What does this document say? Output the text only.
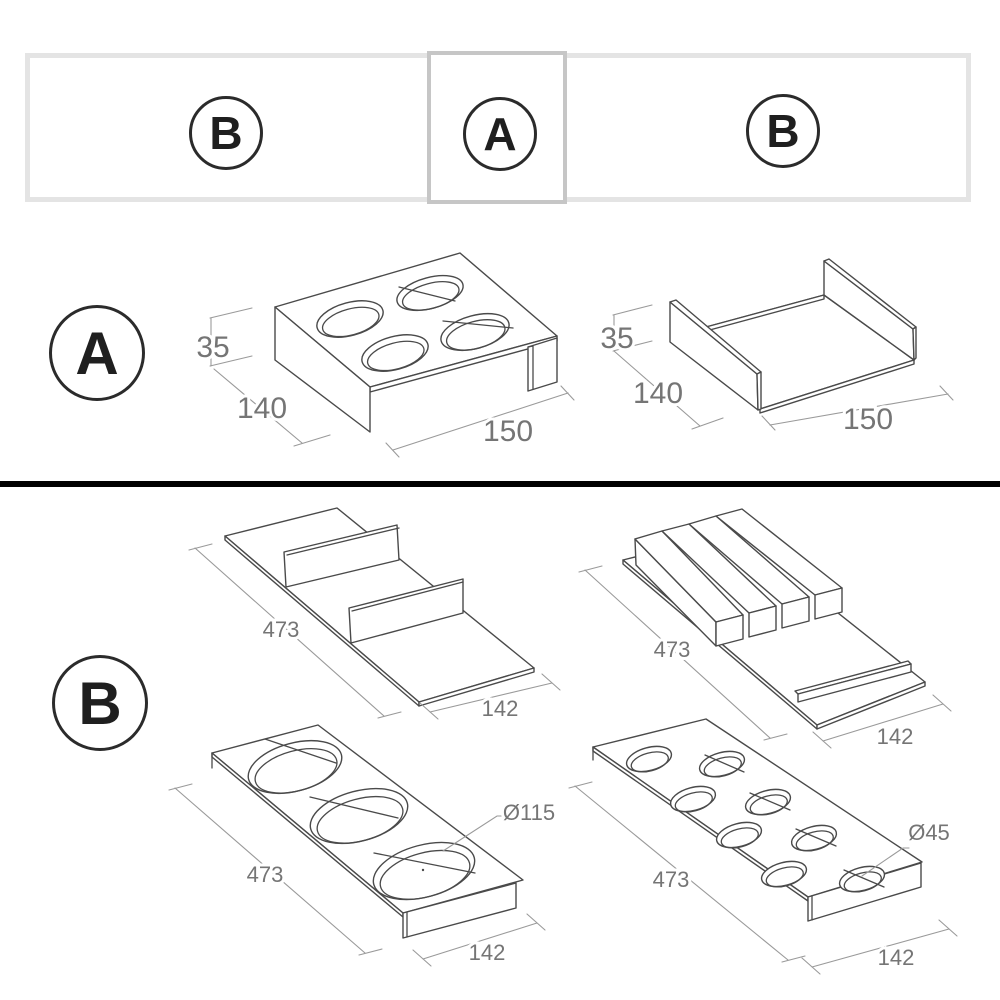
B	A	B
A
B
35
140
150
35
140
150
473
142
473
142
Ø115
473
142
Ø45
473
142
